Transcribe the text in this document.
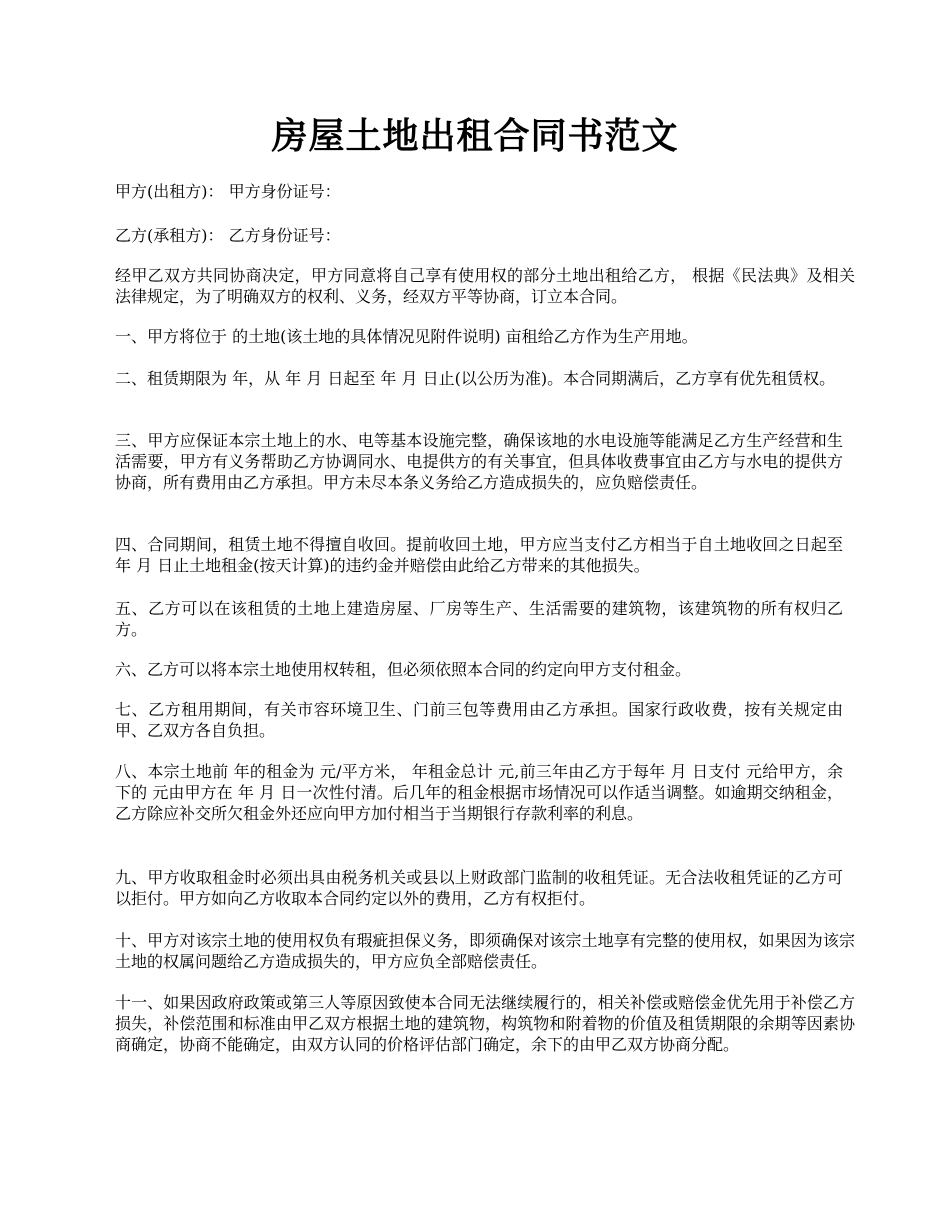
房屋土地出租合同书范文

甲方(出租方)： 甲方身份证号：

乙方(承租方)： 乙方身份证号：

经甲乙双方共同协商决定，甲方同意将自己享有使用权的部分土地出租给乙方， 根据《民法典》及相关法律规定，为了明确双方的权利、义务，经双方平等协商，订立本合同。

一、甲方将位于 的土地(该土地的具体情况见附件说明) 亩租给乙方作为生产用地。

二、租赁期限为 年，从 年 月 日起至 年 月 日止(以公历为准)。本合同期满后，乙方享有优先租赁权。

三、甲方应保证本宗土地上的水、电等基本设施完整，确保该地的水电设施等能满足乙方生产经营和生活需要，甲方有义务帮助乙方协调同水、电提供方的有关事宜，但具体收费事宜由乙方与水电的提供方协商，所有费用由乙方承担。甲方未尽本条义务给乙方造成损失的，应负赔偿责任。

四、合同期间，租赁土地不得擅自收回。提前收回土地，甲方应当支付乙方相当于自土地收回之日起至 年 月 日止土地租金(按天计算)的违约金并赔偿由此给乙方带来的其他损失。

五、乙方可以在该租赁的土地上建造房屋、厂房等生产、生活需要的建筑物，该建筑物的所有权归乙方。

六、乙方可以将本宗土地使用权转租，但必须依照本合同的约定向甲方支付租金。

七、乙方租用期间，有关市容环境卫生、门前三包等费用由乙方承担。国家行政收费，按有关规定由甲、乙双方各自负担。

八、本宗土地前 年的租金为 元/平方米， 年租金总计 元,前三年由乙方于每年 月 日支付 元给甲方，余下的 元由甲方在 年 月 日一次性付清。后几年的租金根据市场情况可以作适当调整。如逾期交纳租金，乙方除应补交所欠租金外还应向甲方加付相当于当期银行存款利率的利息。

九、甲方收取租金时必须出具由税务机关或县以上财政部门监制的收租凭证。无合法收租凭证的乙方可以拒付。甲方如向乙方收取本合同约定以外的费用，乙方有权拒付。

十、甲方对该宗土地的使用权负有瑕疵担保义务，即须确保对该宗土地享有完整的使用权，如果因为该宗土地的权属问题给乙方造成损失的，甲方应负全部赔偿责任。

十一、如果因政府政策或第三人等原因致使本合同无法继续履行的，相关补偿或赔偿金优先用于补偿乙方损失，补偿范围和标准由甲乙双方根据土地的建筑物，构筑物和附着物的价值及租赁期限的余期等因素协商确定，协商不能确定，由双方认同的价格评估部门确定，余下的由甲乙双方协商分配。
